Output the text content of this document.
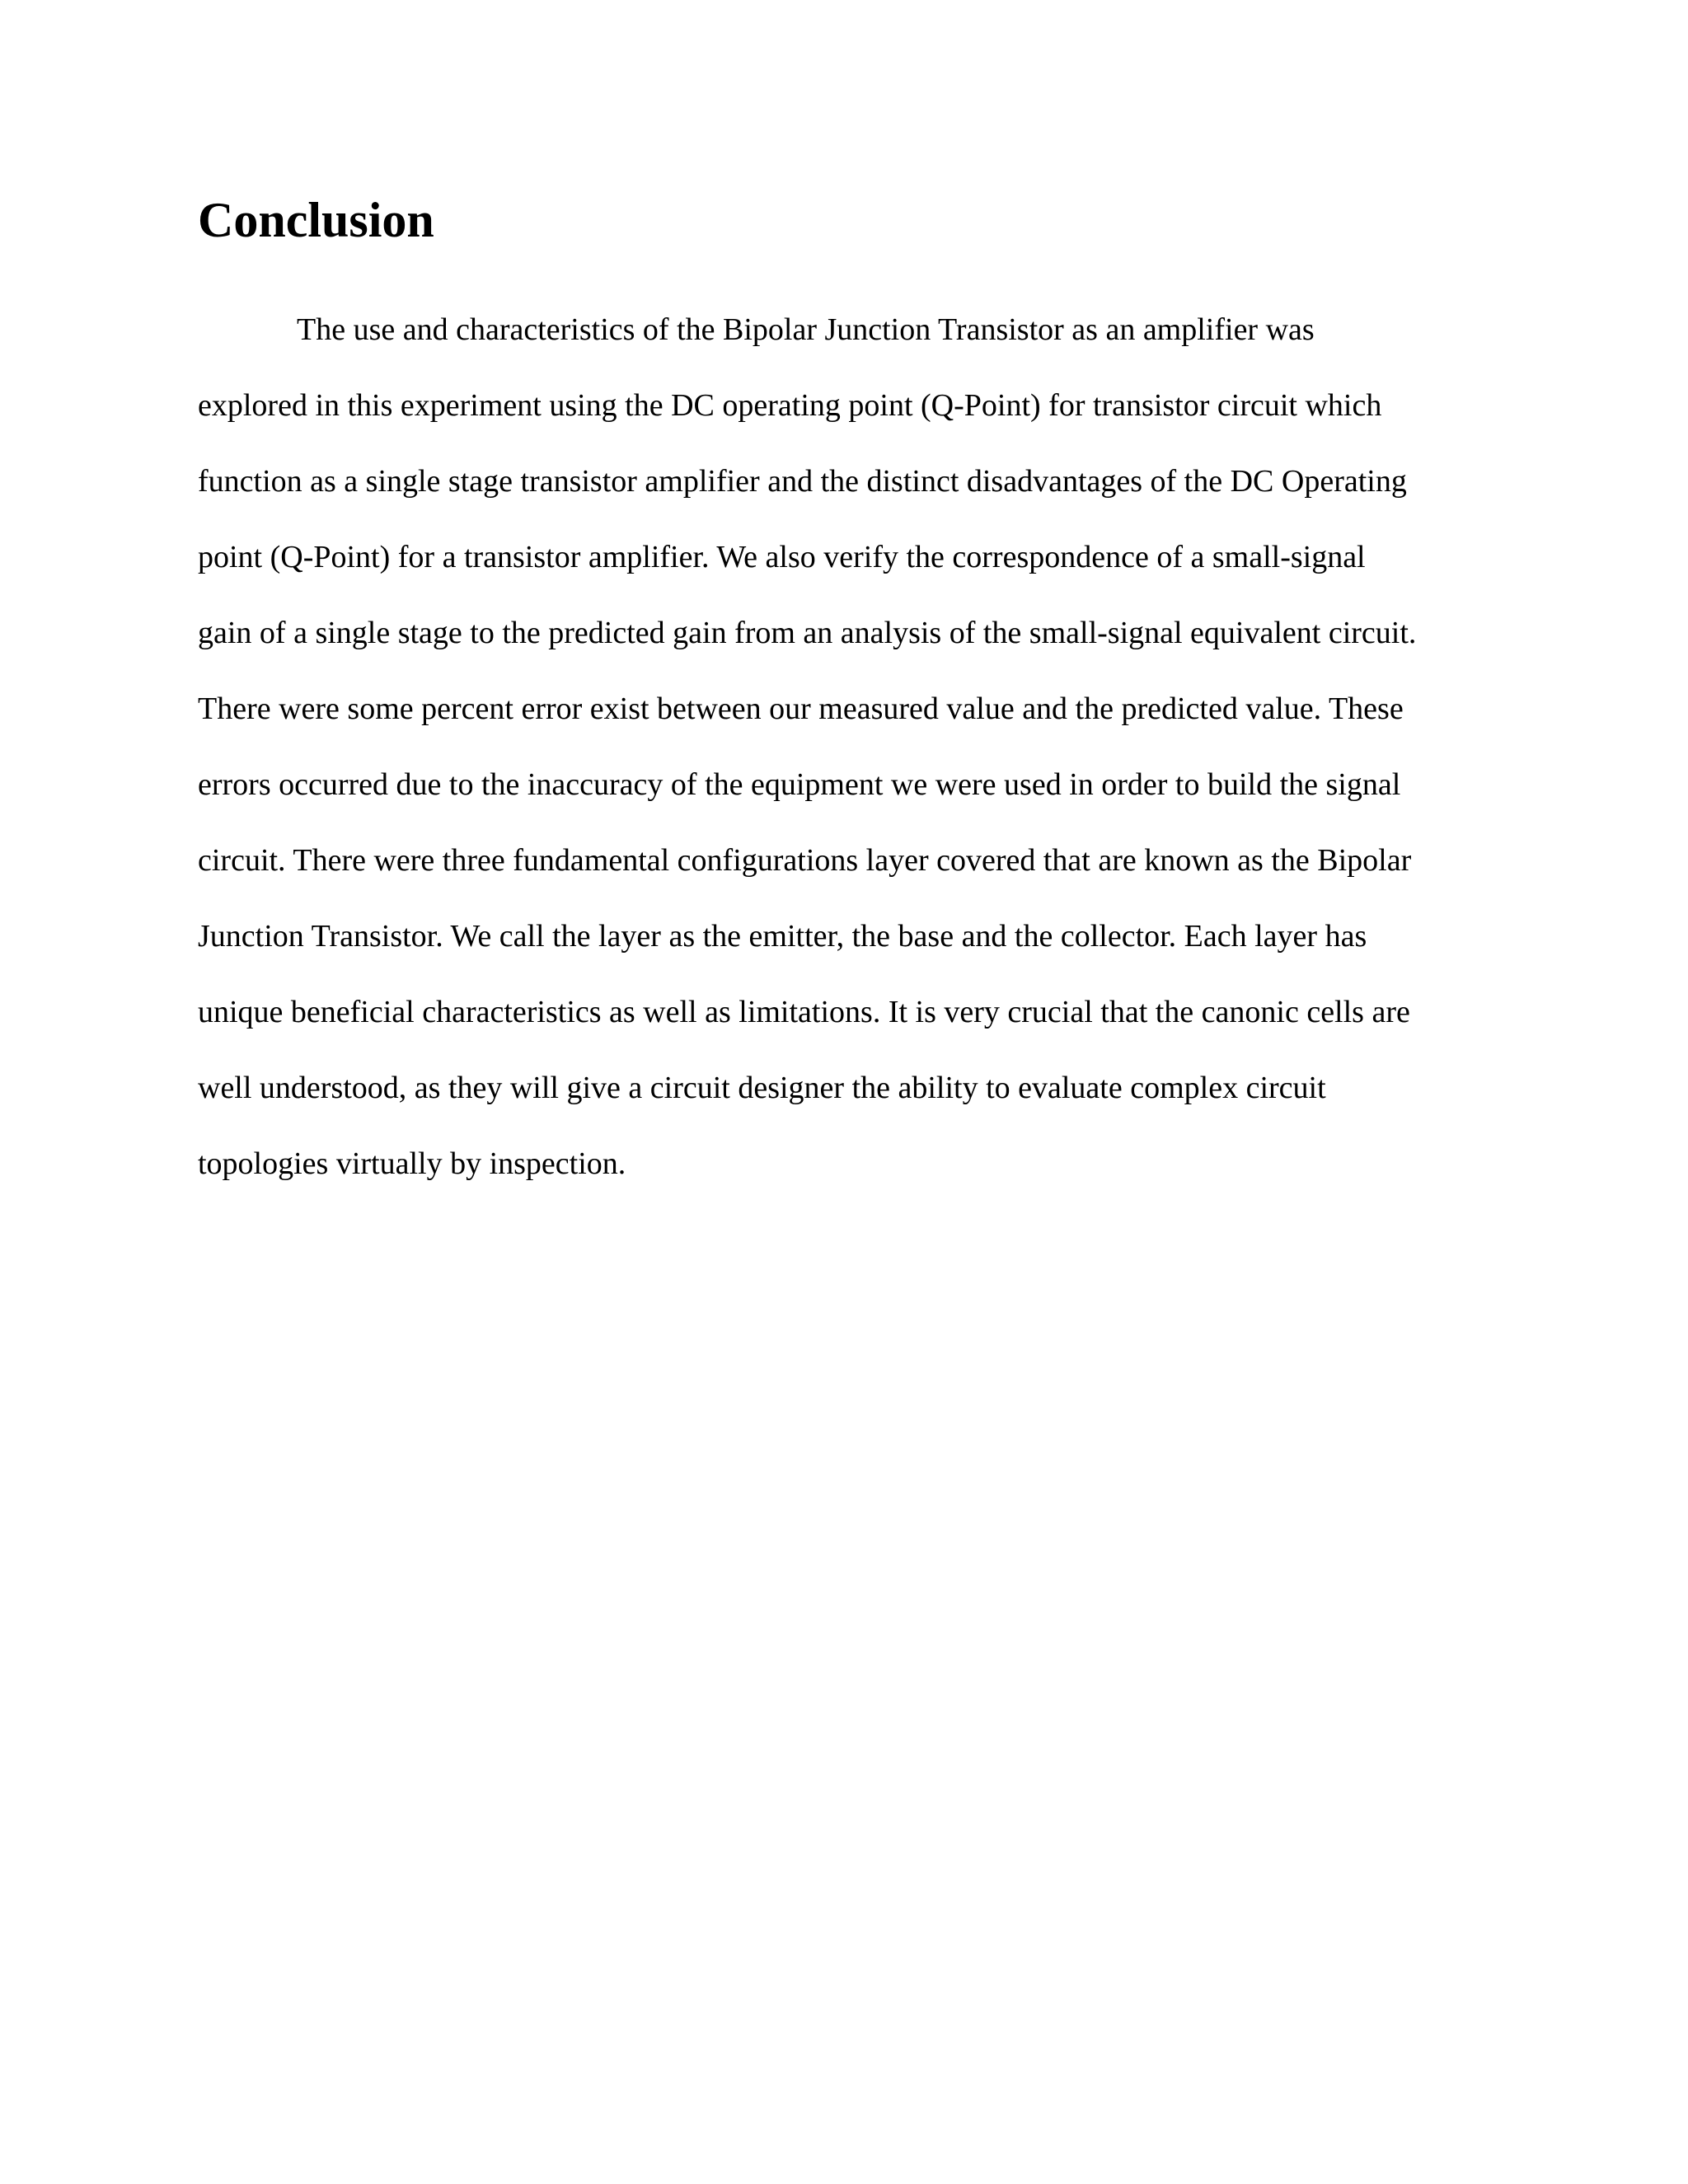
Conclusion
The use and characteristics of the Bipolar Junction Transistor as an amplifier was
explored in this experiment using the DC operating point (Q-Point) for transistor circuit which
function as a single stage transistor amplifier and the distinct disadvantages of the DC Operating
point (Q-Point) for a transistor amplifier. We also verify the correspondence of a small-signal
gain of a single stage to the predicted gain from an analysis of the small-signal equivalent circuit.
There were some percent error exist between our measured value and the predicted value. These
errors occurred due to the inaccuracy of the equipment we were used in order to build the signal
circuit. There were three fundamental configurations layer covered that are known as the Bipolar
Junction Transistor. We call the layer as the emitter, the base and the collector. Each layer has
unique beneficial characteristics as well as limitations. It is very crucial that the canonic cells are
well understood, as they will give a circuit designer the ability to evaluate complex circuit
topologies virtually by inspection.
